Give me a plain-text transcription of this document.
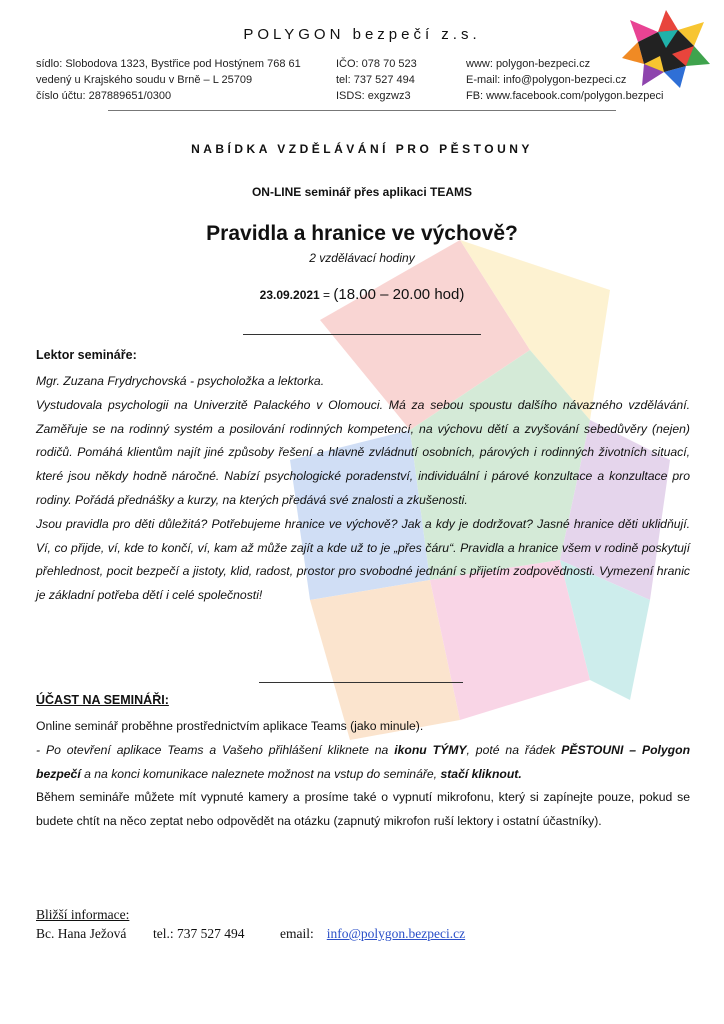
POLYGON bezpečí z.s.
sídlo: Slobodova 1323, Bystřice pod Hostýnem 768 61
vedený u Krajského soudu v Brně – L 25709
číslo účtu: 287889651/0300
IČO: 078 70 523
tel: 737 527 494
ISDS: exgzwz3
www: polygon-bezpeci.cz
E-mail: info@polygon-bezpeci.cz
FB: www.facebook.com/polygon.bezpeci
NABÍDKA VZDĚLÁVÁNÍ PRO PĚSTOUNY
ON-LINE seminář přes aplikaci TEAMS
Pravidla a hranice ve výchově?
2 vzdělávací hodiny
23.09.2021 = (18.00 – 20.00 hod)
Lektor semináře:

Mgr. Zuzana Frydrychovská - psycholožka a lektorka.

Vystudovala psychologii na Univerzitě Palackého v Olomouci. Má za sebou spoustu dalšího návazného vzdělávání. Zaměřuje se na rodinný systém a posilování rodinných kompetencí, na výchovu dětí a zvyšování sebedůvěry (nejen) rodičů. Pomáhá klientům najít jiné způsoby řešení a hlavně zvládnutí osobních, párových i rodinných životních situací, které jsou někdy hodně náročné. Nabízí psychologické poradenství, individuální i párové konzultace a konzultace pro rodiny. Pořádá přednášky a kurzy, na kterých předává své znalosti a zkušenosti.

Jsou pravidla pro děti důležitá? Potřebujeme hranice ve výchově? Jak a kdy je dodržovat? Jasné hranice děti uklidňují. Ví, co přijde, ví, kde to končí, ví, kam až může zajít a kde už to je „přes čáru“. Pravidla a hranice všem v rodině poskytují přehlednost, pocit bezpečí a jistoty, klid, radost, prostor pro svobodné jednání s přijetím zodpovědnosti. Vymezení hranic je základní potřeba dětí i celé společnosti!

ÚČAST NA SEMINÁŘI:

Online seminář proběhne prostřednictvím aplikace Teams (jako minule).

- Po otevření aplikace Teams a Vašeho přihlášení kliknete na ikonu TÝMY, poté na řádek PĚSTOUNI – Polygon bezpečí a na konci komunikace naleznete možnost na vstup do semináře, stačí kliknout.

Během semináře můžete mít vypnuté kamery a prosíme také o vypnutí mikrofonu, který si zapínejte pouze, pokud se budete chtít na něco zeptat nebo odpovědět na otázku (zapnutý mikrofon ruší lektory i ostatní účastníky).

Bližší informace:
Bc. Hana Ježová tel.: 737 527 494	email: info@polygon.bezpeci.cz
